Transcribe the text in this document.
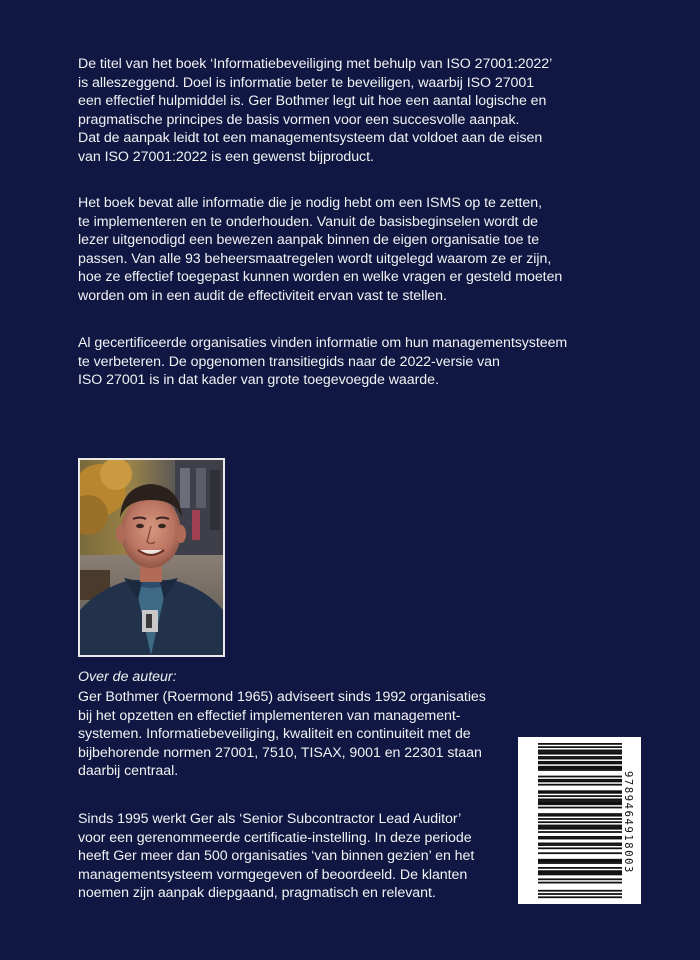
De titel van het boek ‘Informatiebeveiliging met behulp van ISO 27001:2022’
is alleszeggend. Doel is informatie beter te beveiligen, waarbij ISO 27001
een effectief hulpmiddel is. Ger Bothmer legt uit hoe een aantal logische en
pragmatische principes de basis vormen voor een succesvolle aanpak.
Dat de aanpak leidt tot een managementsysteem dat voldoet aan de eisen
van ISO 27001:2022 is een gewenst bijproduct.

Het boek bevat alle informatie die je nodig hebt om een ISMS op te zetten,
te implementeren en te onderhouden. Vanuit de basisbeginselen wordt de
lezer uitgenodigd een bewezen aanpak binnen de eigen organisatie toe te
passen. Van alle 93 beheersmaatregelen wordt uitgelegd waarom ze er zijn,
hoe ze effectief toegepast kunnen worden en welke vragen er gesteld moeten
worden om in een audit de effectiviteit ervan vast te stellen.

Al gecertificeerde organisaties vinden informatie om hun managementsysteem
te verbeteren. De opgenomen transitiegids naar de 2022-versie van
ISO 27001 is in dat kader van grote toegevoegde waarde.

Over de auteur:

Ger Bothmer (Roermond 1965) adviseert sinds 1992 organisaties
bij het opzetten en effectief implementeren van management-
systemen. Informatiebeveiliging, kwaliteit en continuiteit met de
bijbehorende normen 27001, 7510, TISAX, 9001 en 22301 staan
daarbij centraal.

Sinds 1995 werkt Ger als ‘Senior Subcontractor Lead Auditor’
voor een gerenommeerde certificatie-instelling. In deze periode
heeft Ger meer dan 500 organisaties ‘van binnen gezien’ en het
managementsysteem vormgegeven of beoordeeld. De klanten
noemen zijn aanpak diepgaand, pragmatisch en relevant.

9789464918003
